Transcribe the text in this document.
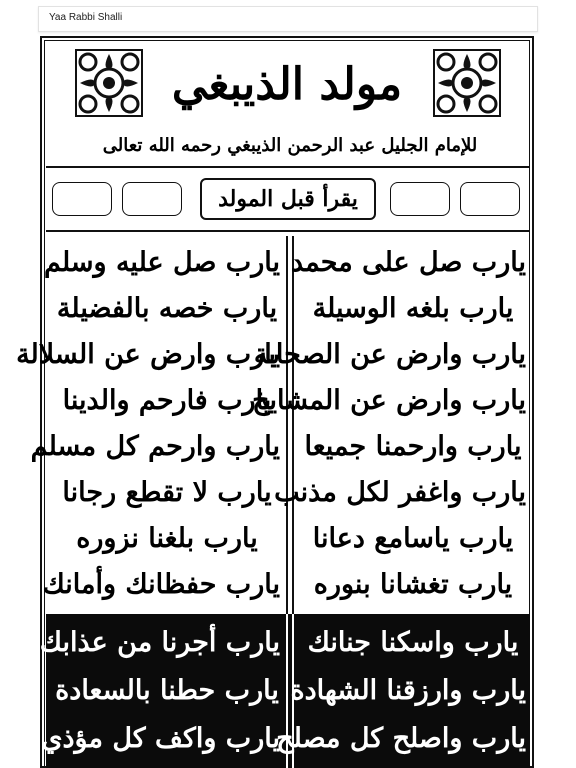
Yaa Rabbi Shalli
مولد الذيبغي
للإمام الجليل عبد الرحمن الذيبغي رحمه الله تعالى
يقرأ قبل المولد
يارب صل على محمد
يارب صل عليه وسلم
يارب بلغه الوسيلة
يارب خصه بالفضيلة
يارب وارض عن الصحابة
يارب وارض عن السلالة
يارب وارض عن المشايخ
يارب فارحم والدينا
يارب وارحمنا جميعا
يارب وارحم كل مسلم
يارب واغفر لكل مذنب
يارب لا تقطع رجانا
يارب ياسامع دعانا
يارب بلغنا نزوره
يارب تغشانا بنوره
يارب حفظانك وأمانك
يارب واسكنا جنانك
يارب أجرنا من عذابك
يارب وارزقنا الشهادة
يارب حطنا بالسعادة
يارب واصلح كل مصلح
يارب واكف كل مؤذي
